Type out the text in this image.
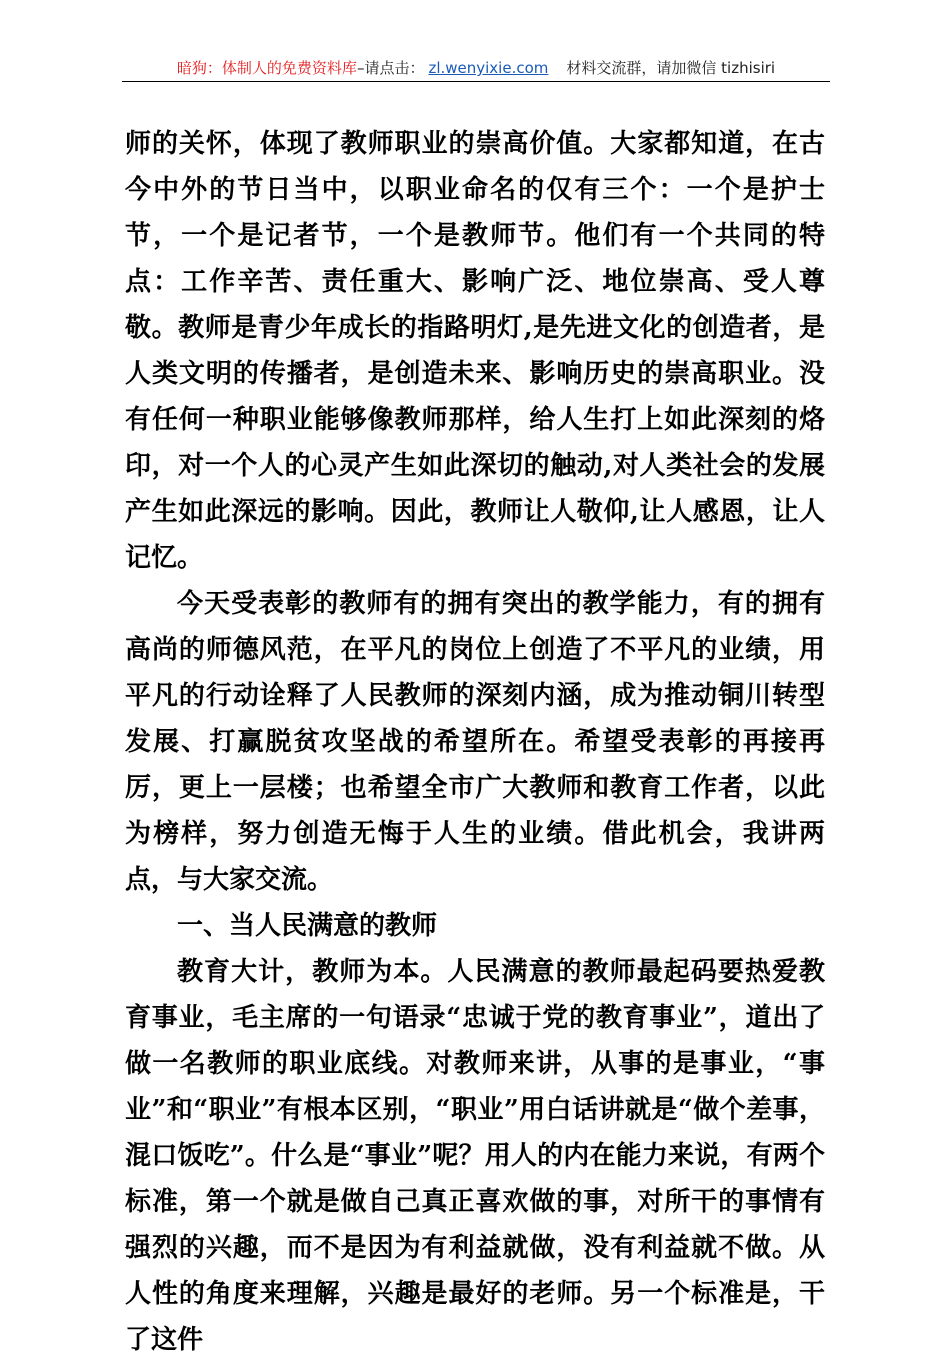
暗狗：体制人的免费资料库–请点击： zl.wenyixie.com 材料交流群，请加微信 tizhisiri

师的关怀，体现了教师职业的崇高价值。大家都知道，在古今中外的节日当中，以职业命名的仅有三个：一个是护士节，一个是记者节，一个是教师节。他们有一个共同的特点：工作辛苦、责任重大、影响广泛、地位崇高、受人尊敬。教师是青少年成长的指路明灯,是先进文化的创造者，是人类文明的传播者，是创造未来、影响历史的崇高职业。没有任何一种职业能够像教师那样，给人生打上如此深刻的烙印，对一个人的心灵产生如此深切的触动,对人类社会的发展产生如此深远的影响。因此，教师让人敬仰,让人感恩，让人记忆。

今天受表彰的教师有的拥有突出的教学能力，有的拥有高尚的师德风范，在平凡的岗位上创造了不平凡的业绩，用平凡的行动诠释了人民教师的深刻内涵，成为推动铜川转型发展、打赢脱贫攻坚战的希望所在。希望受表彰的再接再厉，更上一层楼；也希望全市广大教师和教育工作者，以此为榜样，努力创造无悔于人生的业绩。借此机会，我讲两点，与大家交流。

一、当人民满意的教师

教育大计，教师为本。人民满意的教师最起码要热爱教育事业，毛主席的一句语录“忠诚于党的教育事业”，道出了做一名教师的职业底线。对教师来讲，从事的是事业，“事业”和“职业”有根本区别，“职业”用白话讲就是“做个差事，混口饭吃”。什么是“事业”呢？用人的内在能力来说，有两个标准，第一个就是做自己真正喜欢做的事，对所干的事情有强烈的兴趣，而不是因为有利益就做，没有利益就不做。从人性的角度来理解，兴趣是最好的老师。另一个标准是，干了这件
